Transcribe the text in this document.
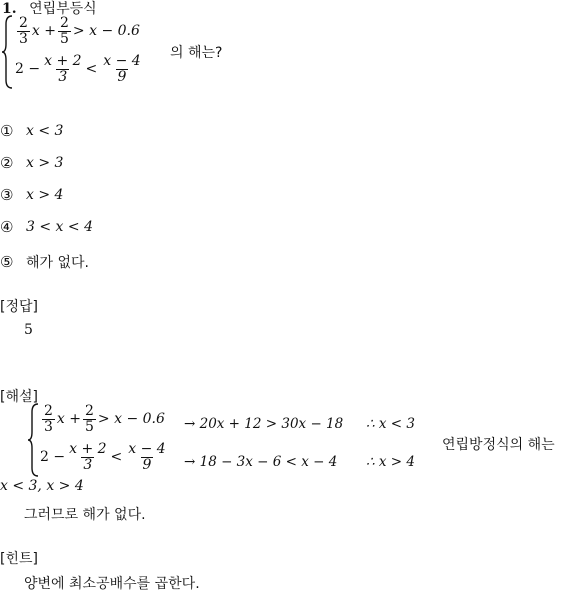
1. 연립부등식
$\frac{2}{3}$ $x + \frac{2}{5} > x - 0.6$
$2 - \frac{x + 2}{3} < \frac{x - 4}{9}$
의 해는?
① x < 3
② x > 3
③ x > 4
④ 3 < x < 4
⑤ 해가 없다.
[정답]
5
[해설]
$\frac{2}{3}$ $x + \frac{2}{5} > x - 0.6 \to 20x + 12 > 30x - 18$ ∴ x < 3
$2 - \frac{x + 2}{3} < \frac{x - 4}{9} \to 18 - 3x - 6 < x - 4$ ∴ x > 4
연립방정식의 해는
x < 3, x > 4
그러므로 해가 없다.
[힌트]
양변에 최소공배수를 곱한다.
